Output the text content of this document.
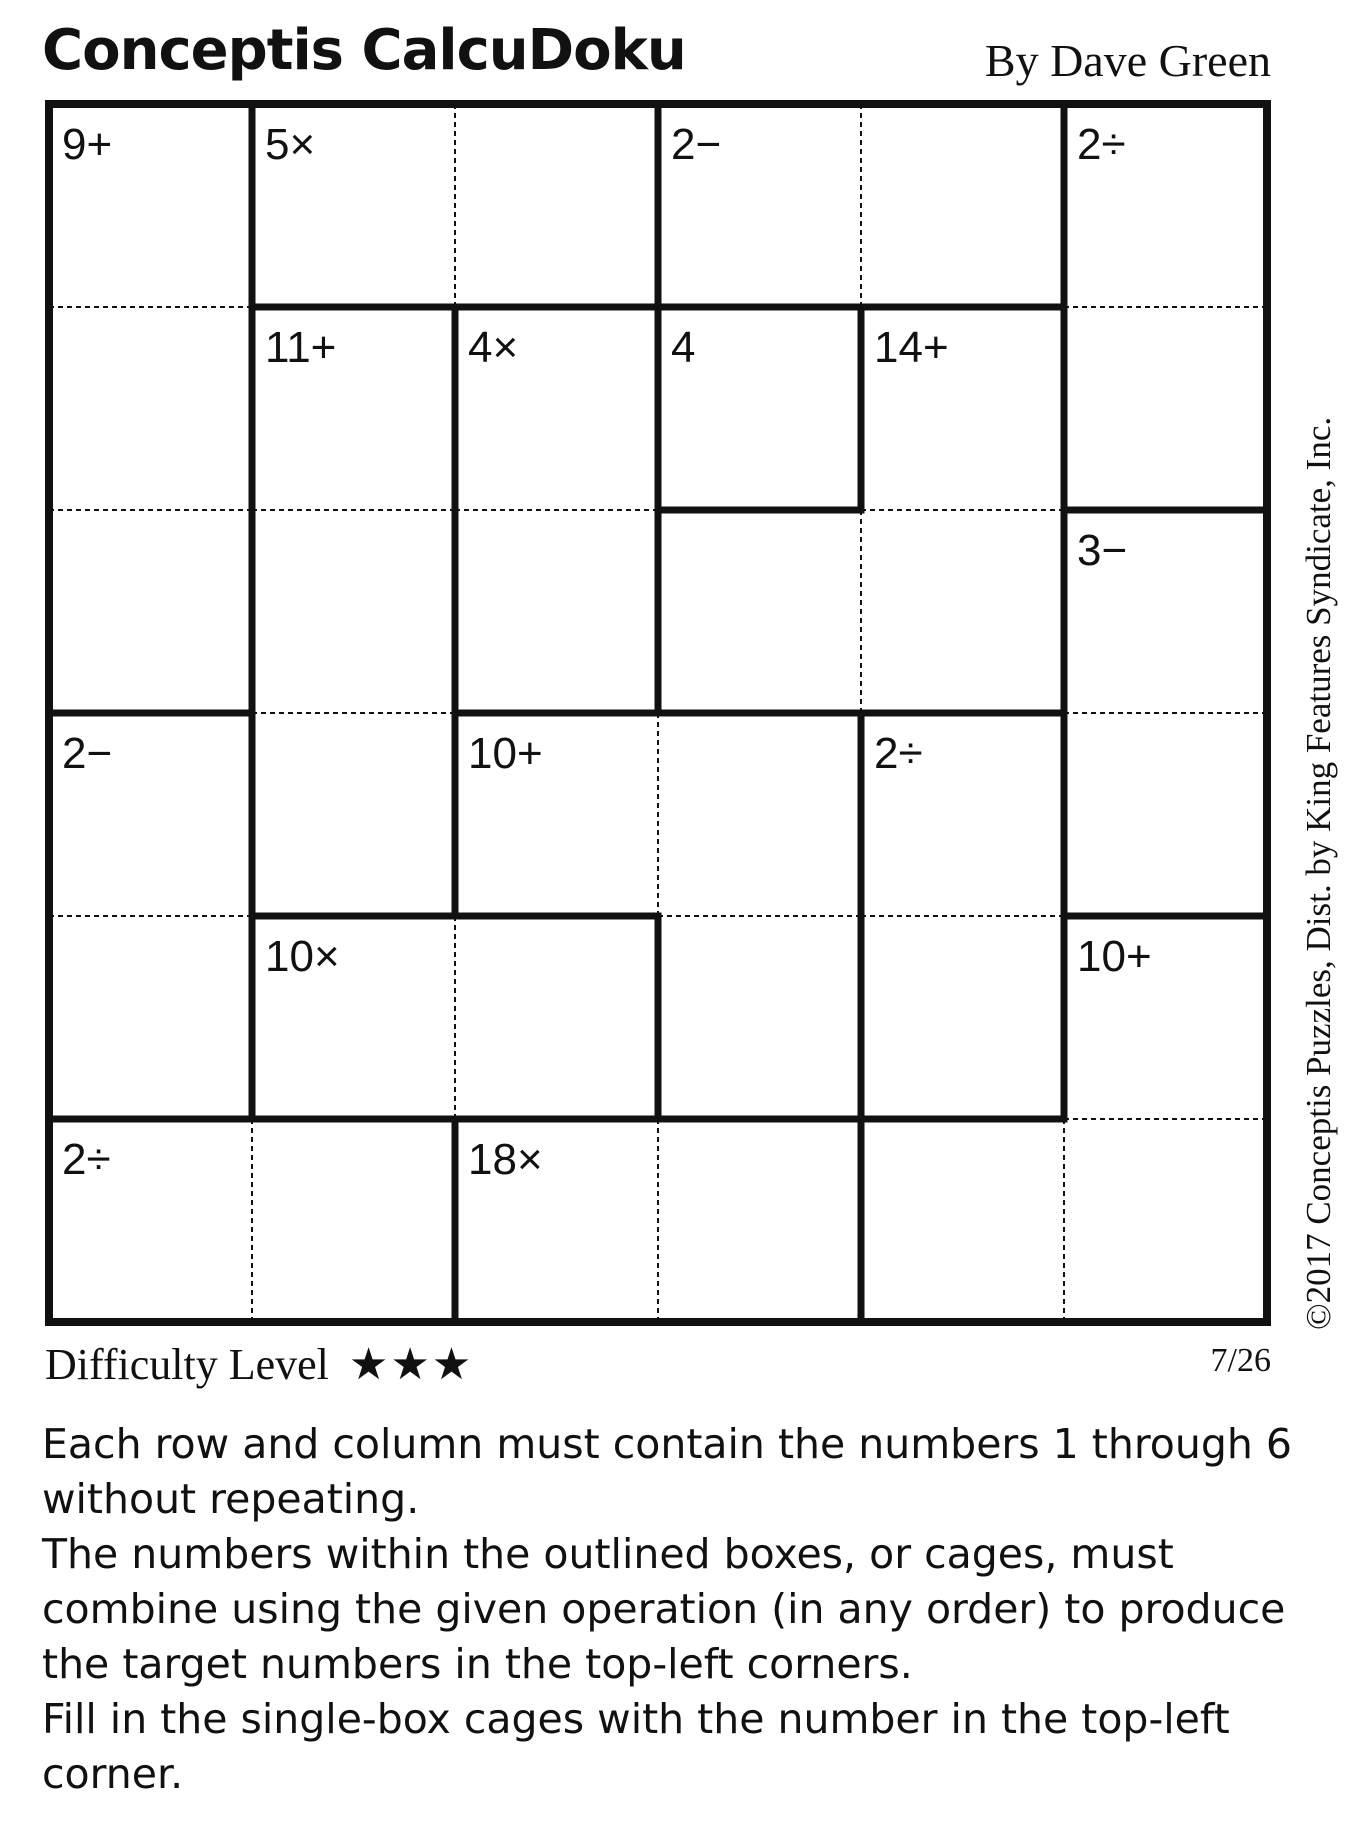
Conceptis CalcuDoku	By Dave Green
©2017 Conceptis Puzzles, Dist. by King Features Syndicate, Inc.
9+	5×	2−	2÷
11+	4×	4	14+
3−
2−	10+	2÷
10×	10+
2÷	18×
Difficulty Level ★★★	7/26

Each row and column must contain the numbers 1 through 6 without repeating.

The numbers within the outlined boxes, or cages, must combine using the given operation (in any order) to produce the target numbers in the top-left corners.

Fill in the single-box cages with the number in the top-left corner.
